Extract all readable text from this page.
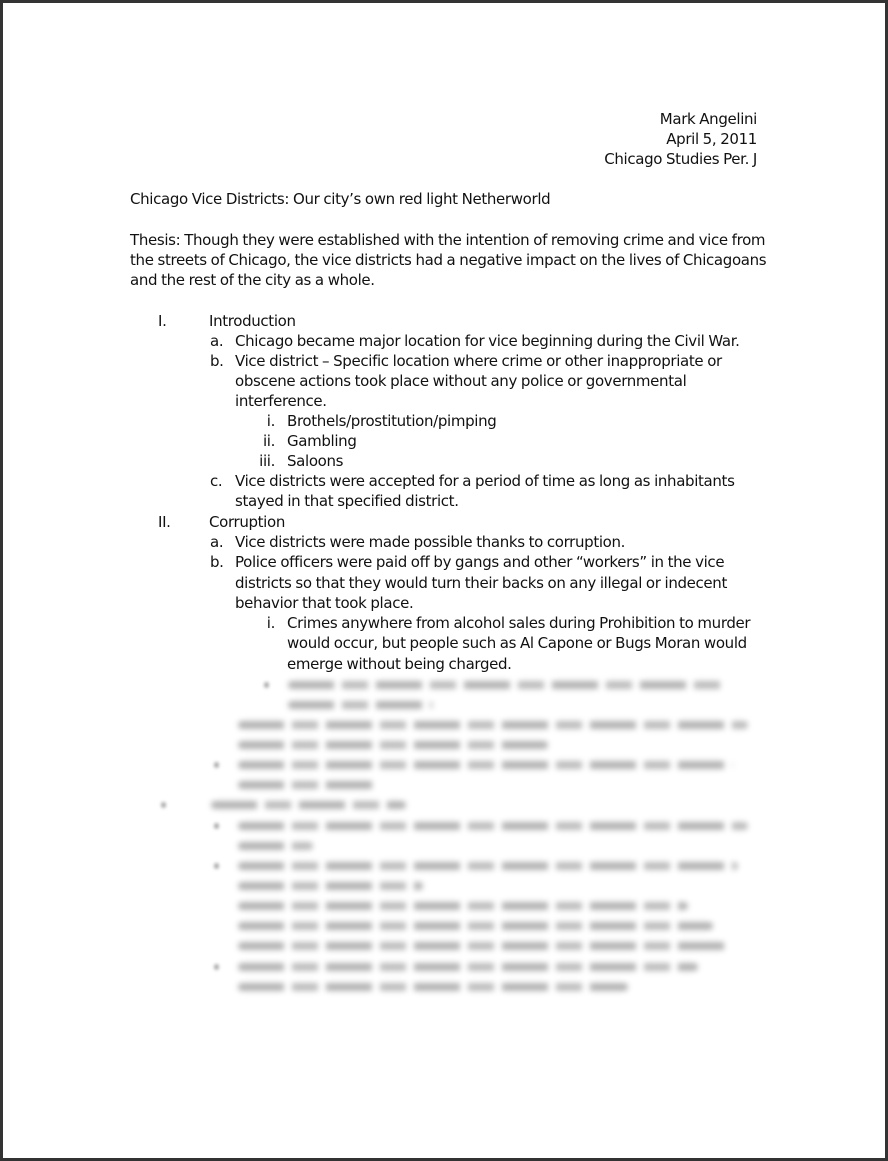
Mark Angelini
April 5, 2011
Chicago Studies Per. J
Chicago Vice Districts: Our city’s own red light Netherworld
Thesis: Though they were established with the intention of removing crime and vice from
the streets of Chicago, the vice districts had a negative impact on the lives of Chicagoans
and the rest of the city as a whole.
I.	Introduction
a. Chicago became major location for vice beginning during the Civil War.
b. Vice district – Specific location where crime or other inappropriate or
obscene actions took place without any police or governmental
interference.
i. Brothels/prostitution/pimping
ii. Gambling
iii. Saloons
c. Vice districts were accepted for a period of time as long as inhabitants
stayed in that specified district.
II.	Corruption
a. Vice districts were made possible thanks to corruption.
b. Police officers were paid off by gangs and other “workers” in the vice
districts so that they would turn their backs on any illegal or indecent
behavior that took place.
i. Crimes anywhere from alcohol sales during Prohibition to murder
would occur, but people such as Al Capone or Bugs Moran would
emerge without being charged.
